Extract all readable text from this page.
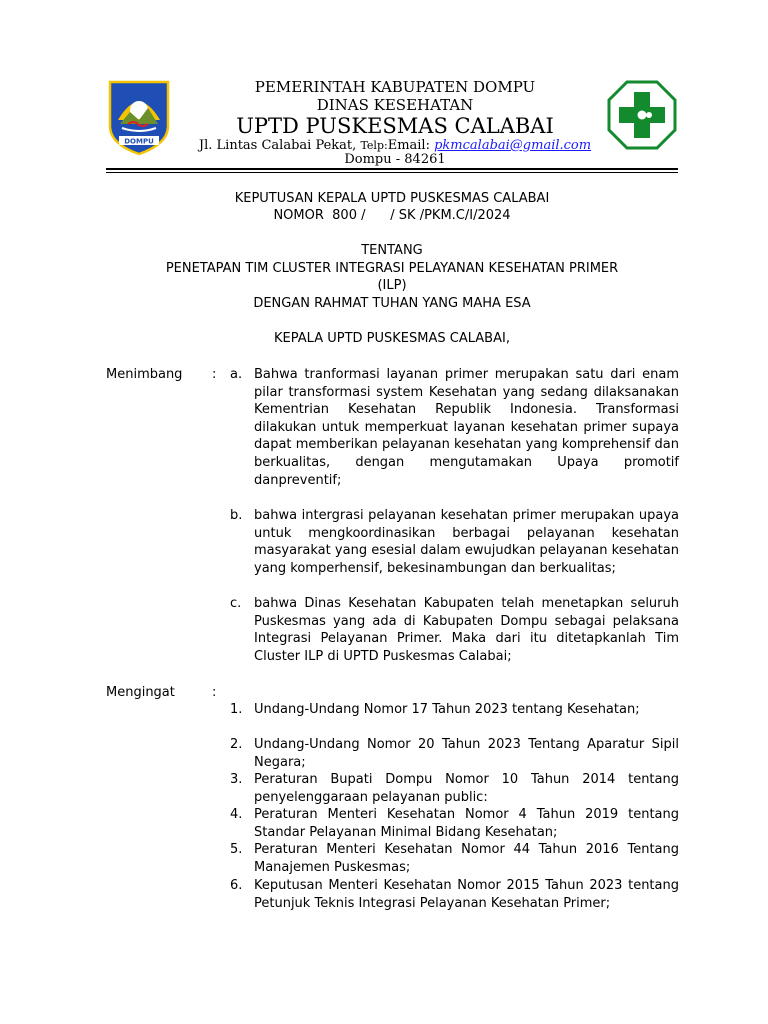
DOMPU
PEMERINTAH KABUPATEN DOMPU
DINAS KESEHATAN
UPTD PUSKESMAS CALABAI
Jl. Lintas Calabai Pekat, Telp:Email: pkmcalabai@gmail.com
Dompu - 84261
KEPUTUSAN KEPALA UPTD PUSKESMAS CALABAI
NOMOR  800 /      / SK /PKM.C/I/2024
TENTANG
PENETAPAN TIM CLUSTER INTEGRASI PELAYANAN KESEHATAN PRIMER
(ILP)
DENGAN RAHMAT TUHAN YANG MAHA ESA
KEPALA UPTD PUSKESMAS CALABAI,
Menimbang : a. Bahwa tranformasi layanan primer merupakan satu dari enam pilar transformasi system Kesehatan yang sedang dilaksanakan Kementrian Kesehatan Republik Indonesia. Transformasi dilakukan untuk memperkuat layanan kesehatan primer supaya dapat memberikan pelayanan kesehatan yang komprehensif dan berkualitas, dengan mengutamakan Upaya promotif danpreventif;
b. bahwa intergrasi pelayanan kesehatan primer merupakan upaya untuk mengkoordinasikan berbagai pelayanan kesehatan masyarakat yang esesial dalam ewujudkan pelayanan kesehatan yang komperhensif, bekesinambungan dan berkualitas;
c. bahwa Dinas Kesehatan Kabupaten telah menetapkan seluruh Puskesmas yang ada di Kabupaten Dompu sebagai pelaksana Integrasi Pelayanan Primer. Maka dari itu ditetapkanlah Tim Cluster ILP di UPTD Puskesmas Calabai;
Mengingat	:
1. Undang-Undang Nomor 17 Tahun 2023 tentang Kesehatan;
2. Undang-Undang Nomor 20 Tahun 2023 Tentang Aparatur Sipil  Negara;
3. Peraturan Bupati Dompu Nomor 10 Tahun 2014 tentang penyelenggaraan pelayanan public:
4. Peraturan Menteri Kesehatan Nomor 4 Tahun 2019 tentang Standar Pelayanan Minimal Bidang Kesehatan;
5. Peraturan Menteri Kesehatan Nomor 44 Tahun 2016 Tentang Manajemen Puskesmas;
6. Keputusan Menteri Kesehatan Nomor 2015 Tahun 2023 tentang Petunjuk Teknis Integrasi Pelayanan Kesehatan Primer;
